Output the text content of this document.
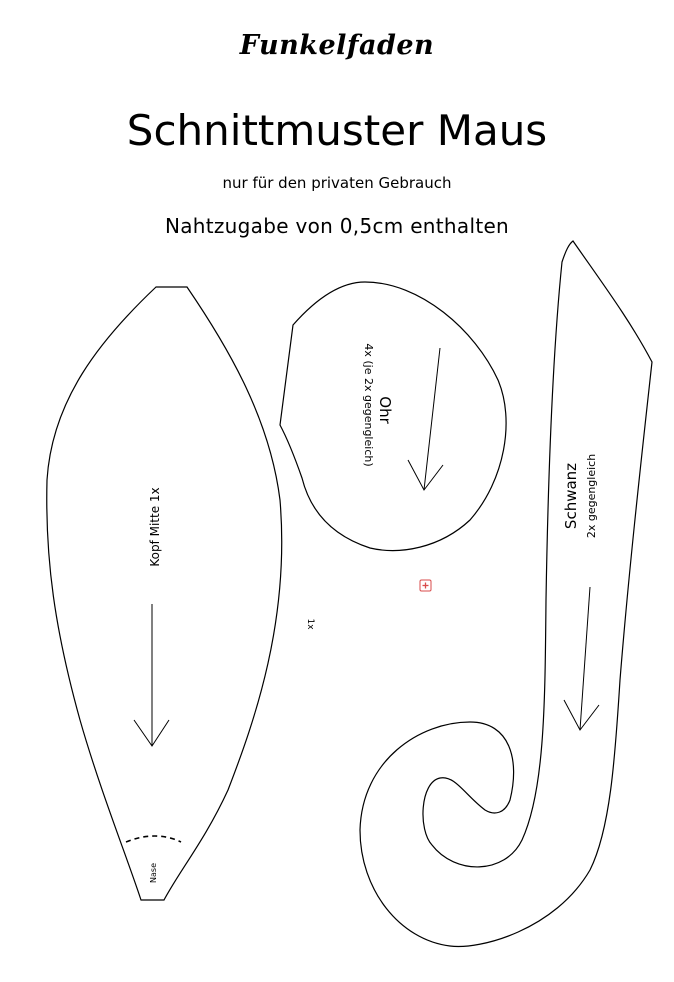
Funkelfaden
Schnittmuster Maus
nur für den privaten Gebrauch
Nahtzugabe von 0,5cm enthalten
Kopf Mitte 1x
Nase
1x
Ohr
4x (je 2x gegengleich)
Schwanz 2x gegengleich
